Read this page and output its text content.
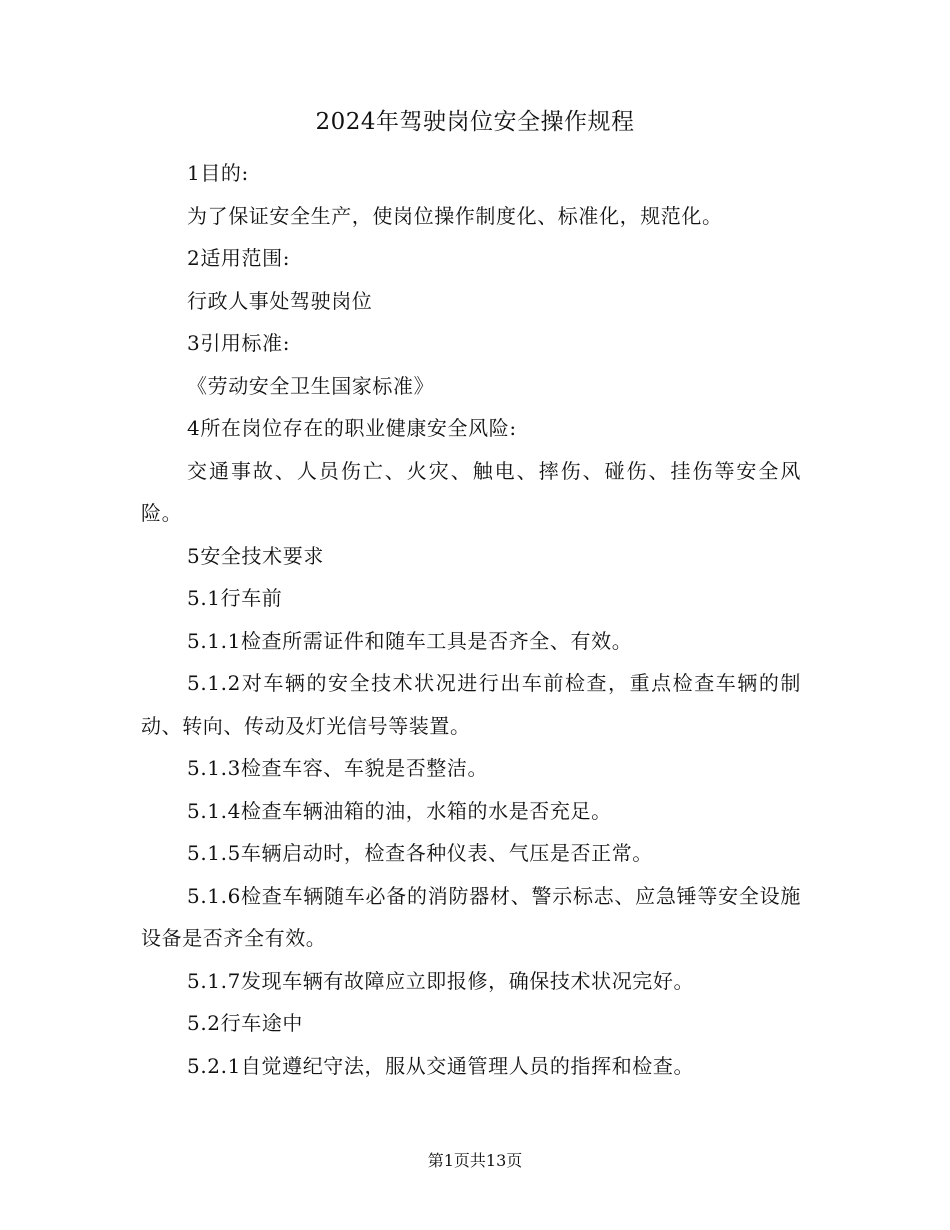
2024年驾驶岗位安全操作规程

1目的:

为了保证安全生产，使岗位操作制度化、标准化，规范化。

2适用范围:

行政人事处驾驶岗位

3引用标准:

《劳动安全卫生国家标准》

4所在岗位存在的职业健康安全风险:

交通事故、人员伤亡、火灾、触电、摔伤、碰伤、挂伤等安全风险。

5安全技术要求

5.1行车前

5.1.1检查所需证件和随车工具是否齐全、有效。

5.1.2对车辆的安全技术状况进行出车前检查，重点检查车辆的制动、转向、传动及灯光信号等装置。

5.1.3检查车容、车貌是否整洁。

5.1.4检查车辆油箱的油，水箱的水是否充足。

5.1.5车辆启动时，检查各种仪表、气压是否正常。

5.1.6检查车辆随车必备的消防器材、警示标志、应急锤等安全设施设备是否齐全有效。

5.1.7发现车辆有故障应立即报修，确保技术状况完好。

5.2行车途中

5.2.1自觉遵纪守法，服从交通管理人员的指挥和检查。

第1页共13页
